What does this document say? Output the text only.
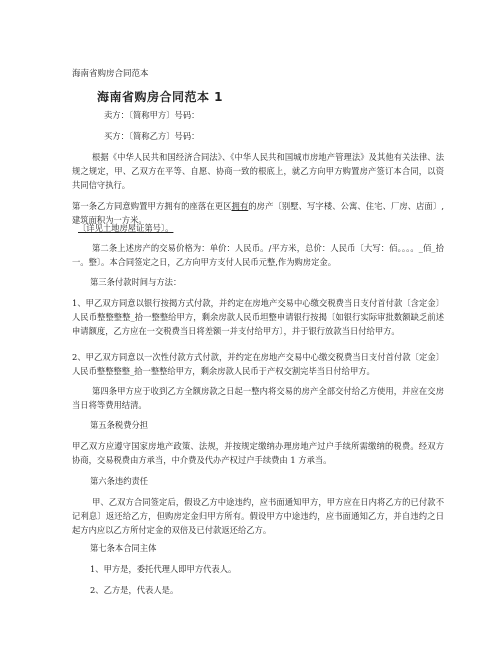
海南省购房合同范本
海南省购房合同范本 1
卖方：〔简称甲方〕号码：
买方：〔简称乙方〕号码：
根据《中华人民共和国经济合同法》、《中华人民共和国城市房地产管理法》及其他有关法律、法规之规定，甲、乙双方在平等、自愿、协商一致的根底上，就乙方向甲方购置房产签订本合同，以资共同信守执行。
第一条乙方同意购置甲方拥有的座落在更区拥有的房产〔别墅、写字楼、公寓、住宅、厂房、店面〕,建筑面积为一方米。
〔详见土地房屋证第号〕。
第二条上述房产的交易价格为：单价：人民币。/平方米，总价：人民币〔大写：佰。。。。_佰_拾一。整〕。本合同签定之日，乙方向甲方支付人民币元整,作为购房定金。
第三条付款时间与方法：
1、甲乙双方同意以银行按揭方式付款，并约定在房地产交易中心缴交税费当日支付首付款〔含定金〕人民币整整整整_拾一整整给甲方，剩余房款人民币坦整申请银行按揭〔如银行实际审批数额缺乏前述申请额度，乙方应在一交税费当日将差额一并支付给甲方〕，并于银行放款当日付给甲方。
2、甲乙双方同意以一次性付款方式付款，并约定在房地产交易中心缴交税费当日支付首付款〔定金〕人民币整整整整_拾一整整给甲方，剩余房款人民币于产权交割完毕当日付给甲方。
第四条甲方应于收到乙方全额房款之日起一整内将交易的房产全部交付给乙方使用，并应在交房当日将等费用结清。
第五条税费分担
甲乙双方应遵守国家房地产政策、法规，并按规定缴纳办理房地产过户手续所需缴纳的税费。经双方协商，交易税费由方承当，中介费及代办产权过户手续费由 1 方承当。
第六条违约责任
甲、乙双方合同签定后，假设乙方中途违约，应书面通知甲方，甲方应在日内将乙方的已付款不记利息〕返还给乙方，但购房定金归甲方所有。假设甲方中途违约，应书面通知乙方，并自违约之日起方内应以乙方所付定金的双倍及已付款返还给乙方。
第七条本合同主体
1、甲方是，委托代理人即甲方代表人。
2、乙方是，代表人是。
